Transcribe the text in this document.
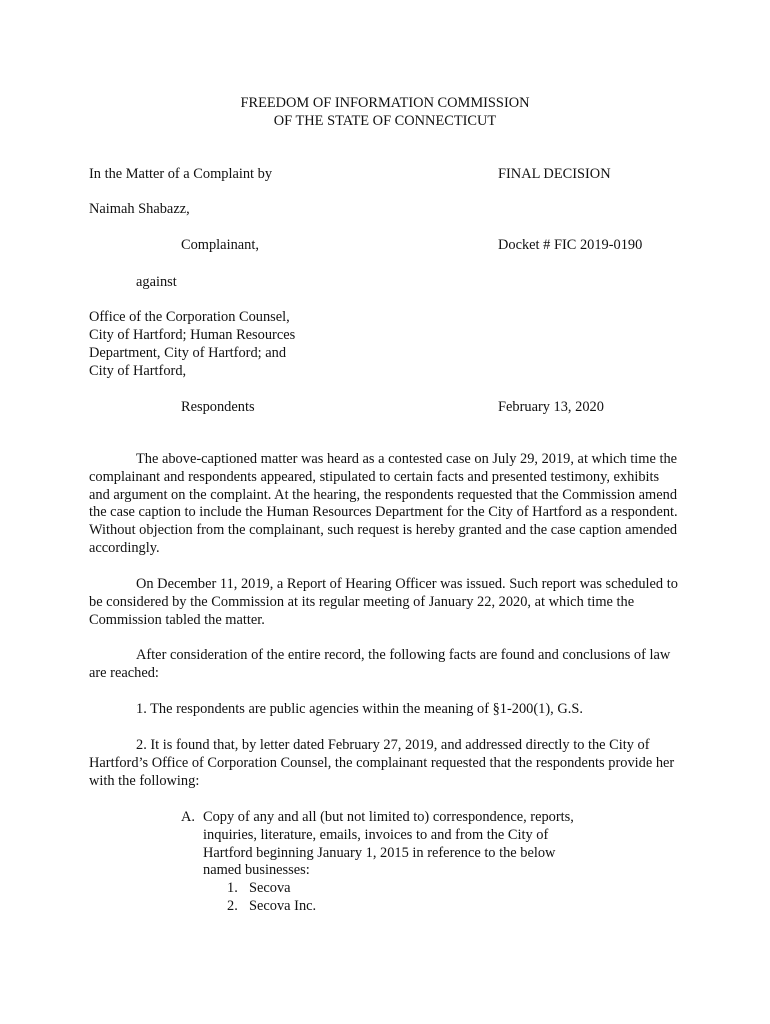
FREEDOM OF INFORMATION COMMISSION
OF THE STATE OF CONNECTICUT
In the Matter of a Complaint by	FINAL DECISION
Naimah Shabazz,
Complainant,	Docket # FIC 2019-0190
against
Office of the Corporation Counsel,
City of Hartford; Human Resources
Department, City of Hartford; and
City of Hartford,
Respondents	February 13, 2020

The above-captioned matter was heard as a contested case on July 29, 2019, at which time the complainant and respondents appeared, stipulated to certain facts and presented testimony, exhibits and argument on the complaint. At the hearing, the respondents requested that the Commission amend the case caption to include the Human Resources Department for the City of Hartford as a respondent. Without objection from the complainant, such request is hereby granted and the case caption amended accordingly.

On December 11, 2019, a Report of Hearing Officer was issued. Such report was scheduled to be considered by the Commission at its regular meeting of January 22, 2020, at which time the Commission tabled the matter.

After consideration of the entire record, the following facts are found and conclusions of law are reached:

1. The respondents are public agencies within the meaning of §1-200(1), G.S.

2. It is found that, by letter dated February 27, 2019, and addressed directly to the City of Hartford’s Office of Corporation Counsel, the complainant requested that the respondents provide her with the following:

A. Copy of any and all (but not limited to) correspondence, reports, inquiries, literature, emails, invoices to and from the City of Hartford beginning January 1, 2015 in reference to the below named businesses:
1. Secova
2. Secova Inc.
